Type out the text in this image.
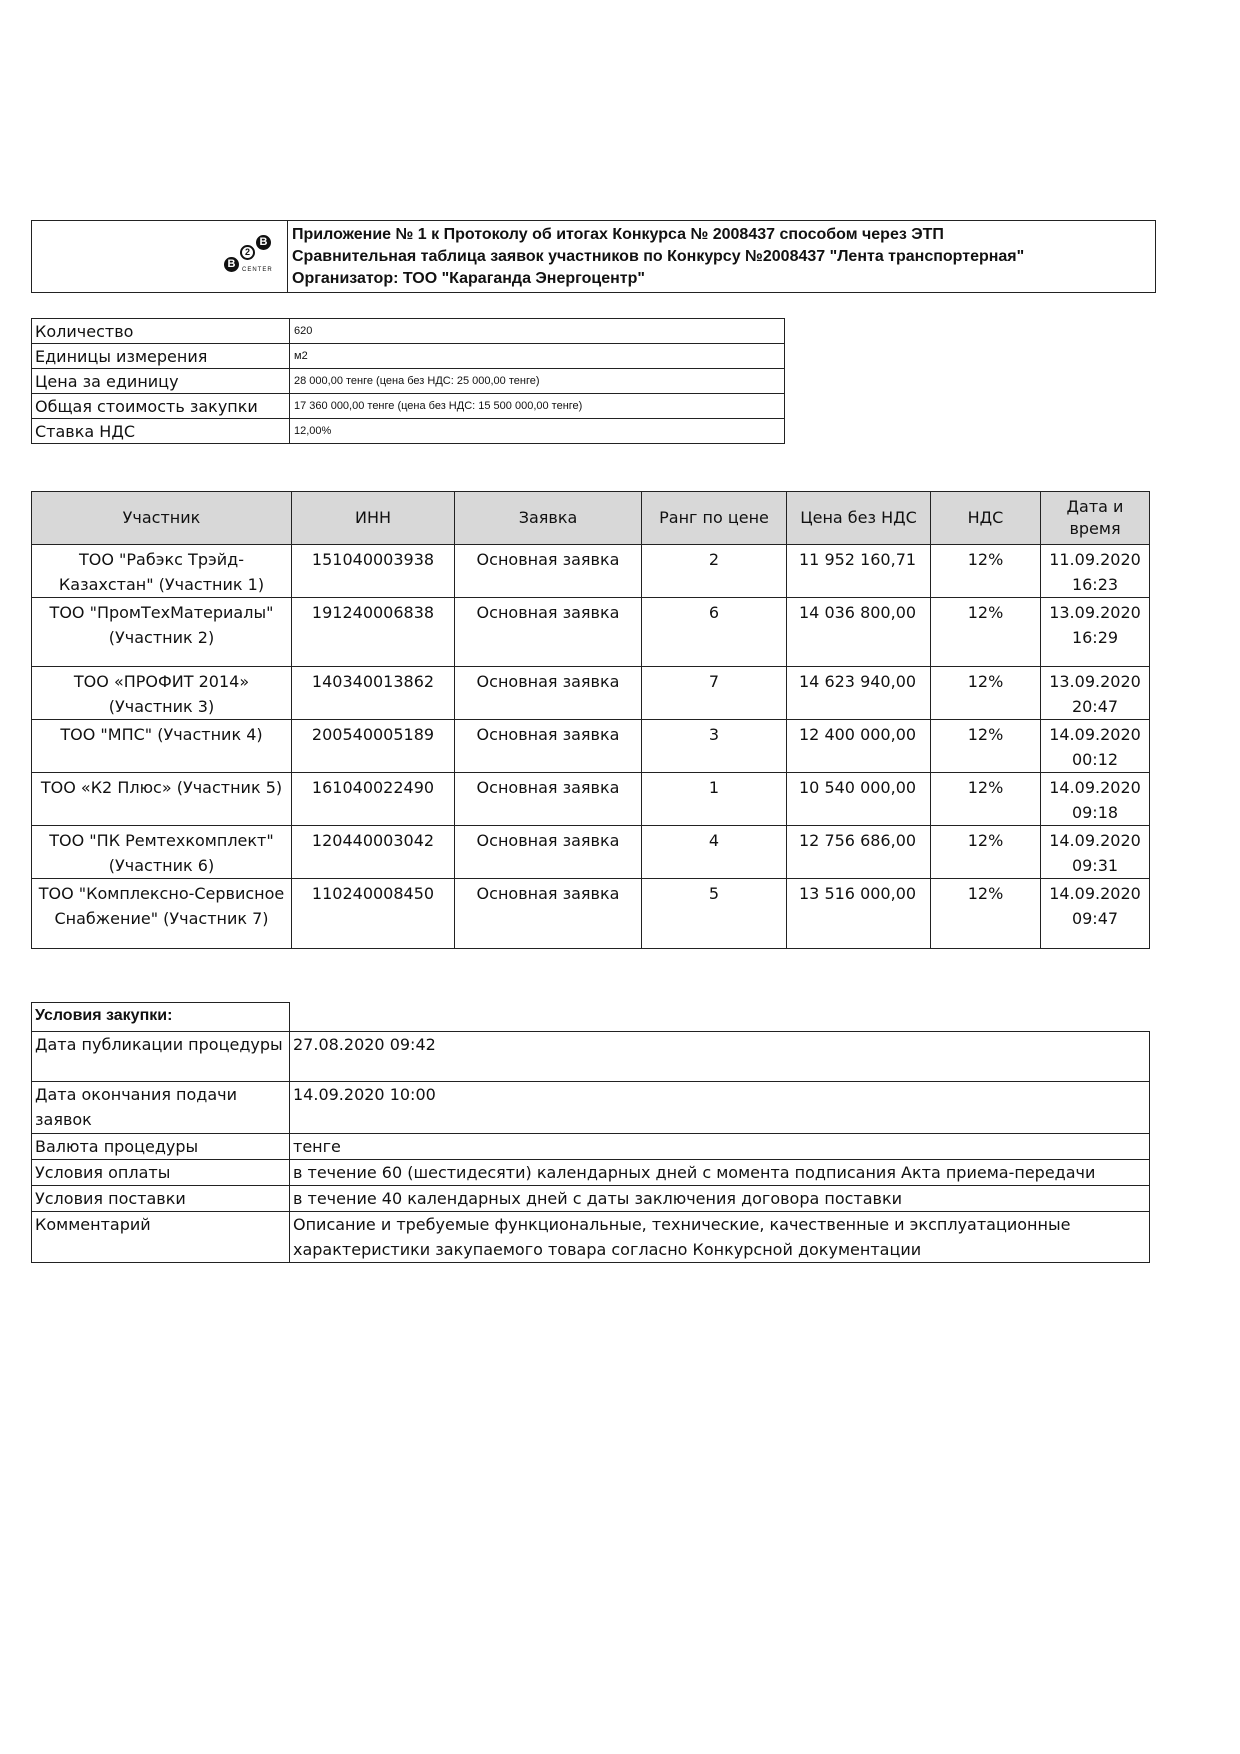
B
2
B
CENTER

Приложение № 1 к Протоколу об итогах Конкурса № 2008437 способом через ЭТП
Сравнительная таблица заявок участников по Конкурсу №2008437 "Лента транспортерная"
Организатор: ТОО "Караганда Энергоцентр"
Количество	620
Единицы измерения	м2
Цена за единицу	28 000,00 тенге (цена без НДС: 25 000,00 тенге)
Общая стоимость закупки	17 360 000,00 тенге (цена без НДС: 15 500 000,00 тенге)
Ставка НДС	12,00%
Участник	ИНН	Заявка	Ранг по цене	Цена без НДС	НДС	Дата и время
ТОО "Рабэкс Трэйд-Казахстан" (Участник 1)	151040003938	Основная заявка	2	11 952 160,71	12%	11.09.2020 16:23
ТОО "ПромТехМатериалы" (Участник 2)	191240006838	Основная заявка	6	14 036 800,00	12%	13.09.2020 16:29
ТОО «ПРОФИТ 2014» (Участник 3)	140340013862	Основная заявка	7	14 623 940,00	12%	13.09.2020 20:47
ТОО "МПС" (Участник 4)	200540005189	Основная заявка	3	12 400 000,00	12%	14.09.2020 00:12
ТОО «К2 Плюс» (Участник 5)	161040022490	Основная заявка	1	10 540 000,00	12%	14.09.2020 09:18
ТОО "ПК Ремтехкомплект" (Участник 6)	120440003042	Основная заявка	4	12 756 686,00	12%	14.09.2020 09:31
ТОО "Комплексно-Сервисное Снабжение" (Участник 7)	110240008450	Основная заявка	5	13 516 000,00	12%	14.09.2020 09:47
Условия закупки:	
Дата публикации процедуры	27.08.2020 09:42
Дата окончания подачи заявок	14.09.2020 10:00
Валюта процедуры	тенге
Условия оплаты	в течение 60 (шестидесяти) календарных дней с момента подписания Акта приема-передачи
Условия поставки	в течение 40 календарных дней с даты заключения договора поставки
Комментарий	Описание и требуемые функциональные, технические, качественные и эксплуатационные характеристики закупаемого товара согласно Конкурсной документации
